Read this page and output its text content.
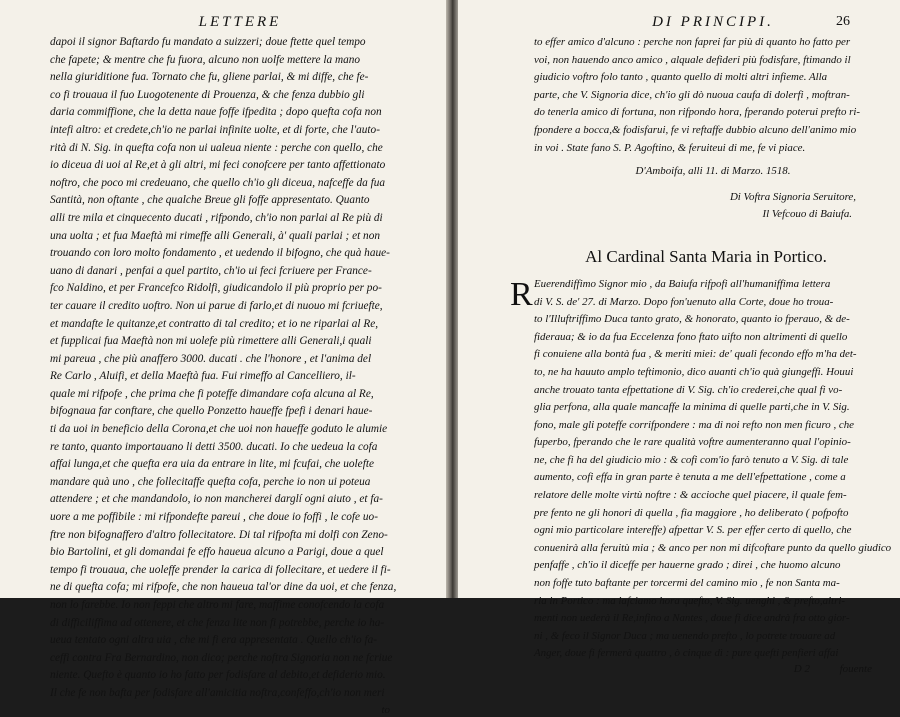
LETTERE
dapoi il signor Baftardo fu mandato a suizzeri; doue ftette quel tempo
che fapete; & mentre che fu fuora, alcuno non uolfe mettere la mano
nella giuriditione fua. Tornato che fu, gliene parlai, & mi diffe, che fe-
co fi trouaua il fuo Luogotenente di Prouenza, & che fenza dubbio gli
daria commiffione, che la detta naue foffe ifpedita ; dopo quefta cofa non
intefi altro: et credete,ch'io ne parlai infinite uolte, et di forte, che l'auto-
rità di N. Sig. in quefta cofa non ui ualeua niente : perche con quello, che
io diceua di uoi al Re,et à gli altri, mi feci conofcere per tanto affettionato
noftro, che poco mi credeuano, che quello ch'io gli diceua, nafceffe da fua
Santità, non oftante , che qualche Breue gli foffe appresentato. Quanto
alli tre mila et cinquecento ducati , rifpondo, ch'io non parlai al Re più di
una uolta ; et fua Maeftà mi rimeffe alli Generali, à' quali parlai ; et non
trouando con loro molto fondamento , et uedendo il bifogno, che quà haue-
uano di danari , penfai a quel partito, ch'io ui feci fcriuere per France-
fco Naldino, et per Francefco Ridolfi, giudicandolo il più proprio per po-
ter cauare il credito uoftro. Non ui parue di farlo,et di nuouo mi fcriuefte,
et mandafte le quitanze,et contratto di tal credito; et io ne riparlai al Re,
et fupplicai fua Maeftà non mi uolefe più rimettere alli Generali,i quali
mi pareua , che più anaffero 3000. ducati . che l'honore , et l'anima del
Re Carlo , Aluifi, et della Maeftà fua. Fui rimeffo al Cancelliero, il-
quale mi rifpofe , che prima che fi poteffe dimandare cofa alcuna al Re,
bifognaua far conftare, che quello Ponzetto haueffe fpefi i denari haue-
ti da uoi in beneficio della Corona,et che uoi non haueffe goduto le alumie
re tanto, quanto importauano li detti 3500. ducati. Io che uedeua la cofa
affai lunga,et che quefta era uia da entrare in lite, mi fcufai, che uolefte
mandare quà uno , che follecitaffe quefta cofa, perche io non ui poteua
attendere ; et che mandandolo, io non mancherei darglí ogni aiuto , et fa-
uore a me poffibile : mi rifpondefte pareui , che doue io foffi , le cofe uo-
ftre non bifognaffero d'altro follecitatore. Di tal rifpofta mi dolfi con Zeno-
bio Bartolini, et gli domandai fe effo haueua alcuno a Parigi, doue a quel
tempo fi trouaua, che uoleffe prender la carica di follecitare, et uedere il fi-
ne di quefta cofa; mi rifpofe, che non haueua tal'or dine da uoi, et che fenza,
non lo farebbe. Io non feppi che altro mi fare, maffime conofcendo la cofa
di difficiliffima ad ottenere, et che fenza lite non fi potrebbe, perche io ha-
ueua tentato ogni altra uia , che mi fi era appresentata . Quello ch'io fa-
ceffi contra Fra Bernardino, non dico; perche noftra Signoria non ne fcriue
niente. Quefto è quanto io ho fatto per fodisfare al debito,et defiderio mio.
Il che fe non bafta per fodisfare all'amicitia noftra,confeffo,ch'io non meri
to
DI PRINCIPI.	26
to effer amico d'alcuno : perche non faprei far più di quanto ho fatto per
voi, non hauendo anco amico , alquale defideri più fodisfare, ftimando il
giudicio voftro folo tanto , quanto quello di molti altri infieme. Alla
parte, che V. Signoria dice, ch'io gli dò nuoua caufa di dolerfi , moftran-
do tenerla amico di fortuna, non rifpondo hora, fperando poterui prefto ri-
fpondere a bocca,& fodisfarui, fe vi reftaffe dubbio alcuno dell'animo mio
in voi . State fano S. P. Agoftino, & feruiteui di me, fe vi piace.
D'Amboifa, alli 11. di Marzo. 1518.
Di Voftra Signoria Seruitore,
Il Vefcouo di Baiufa.
Al Cardinal Santa Maria in Portico.
R Euerendiffimo Signor mio , da Baiufa rifpofi all'humaniffima lettera
di V. S. de' 27. di Marzo. Dopo fon'uenuto alla Corte, doue ho troua-
to l'Illuftriffimo Duca tanto grato, & honorato, quanto io fperauo, & de-
fideraua; & io da fua Eccelenza fono ftato uifto non altrimenti di quello
fi conuiene alla bontà fua , & meriti miei: de' quali fecondo effo m'ha det-
to, ne ha hauuto amplo teftimonio, dico auanti ch'io quà giungeffi. Houui
anche trouato tanta efpettatione di V. Sig. ch'io crederei,che qual fi vo-
glia perfona, alla quale mancaffe la minima di quelle parti,che in V. Sig.
fono, male gli poteffe corrifpondere : ma di noi refto non men ficuro , che
fuperbo, fperando che le rare qualità voftre aumenteranno qual l'opinio-
ne, che fi ha del giudicio mio : & cofi com'io farò tenuto a V. Sig. di tale
aumento, cofi effa in gran parte è tenuta a me dell'efpettatione , come a
relatore delle molte virtù noftre : & accioche quel piacere, il quale fem-
pre fento ne gli honori di quella , fia maggiore , ho deliberato ( pofpofto
ogni mio particolare intereffe) afpettar V. S. per effer certo di quello, che
conuenirà alla feruitù mia ; & anco per non mi difcoftare punto da quello giudico
penfaffe , ch'io il diceffe per hauerne grado ; direi , che huomo alcuno
non foffe tuto baftante per torcermi del camino mio , fe non Santa ma-
ria in Portico : ma lafciamo hora quefto, V. Sig. uenghi , & prefto,altri-
menti non uederà il Re,infino a Nantes , doue fi dice andrà fra otto gior-
ni , & feco il Signor Duca ; ma uenendo prefto , lo potrete trouare ad
Anger, doue fi fermerà quattro , ò cinque dì : pure quefti penfieri affai
D 2	fouente
